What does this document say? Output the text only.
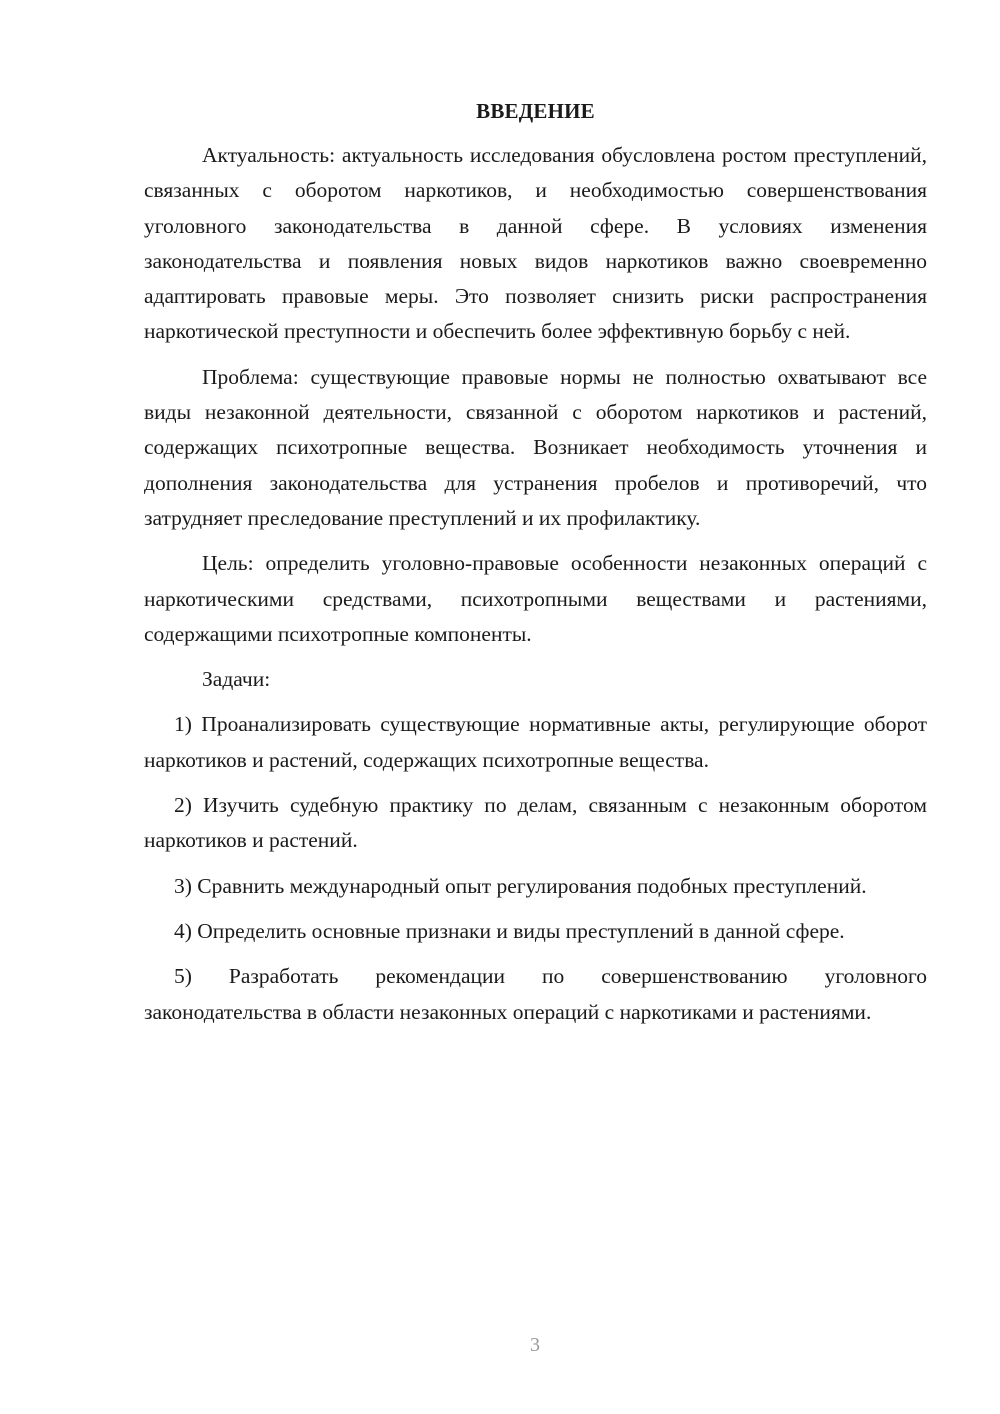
ВВЕДЕНИЕ

Актуальность: актуальность исследования обусловлена ростом преступлений, связанных с оборотом наркотиков, и необходимостью совершенствования уголовного законодательства в данной сфере. В условиях изменения законодательства и появления новых видов наркотиков важно своевременно адаптировать правовые меры. Это позволяет снизить риски распространения наркотической преступности и обеспечить более эффективную борьбу с ней.

Проблема: существующие правовые нормы не полностью охватывают все виды незаконной деятельности, связанной с оборотом наркотиков и растений, содержащих психотропные вещества. Возникает необходимость уточнения и дополнения законодательства для устранения пробелов и противоречий, что затрудняет преследование преступлений и их профилактику.

Цель: определить уголовно-правовые особенности незаконных операций с наркотическими средствами, психотропными веществами и растениями, содержащими психотропные компоненты.

Задачи:

1) Проанализировать существующие нормативные акты, регулирующие оборот наркотиков и растений, содержащих психотропные вещества.

2) Изучить судебную практику по делам, связанным с незаконным оборотом наркотиков и растений.

3) Сравнить международный опыт регулирования подобных преступлений.

4) Определить основные признаки и виды преступлений в данной сфере.

5) Разработать рекомендации по совершенствованию уголовного законодательства в области незаконных операций с наркотиками и растениями.

3
